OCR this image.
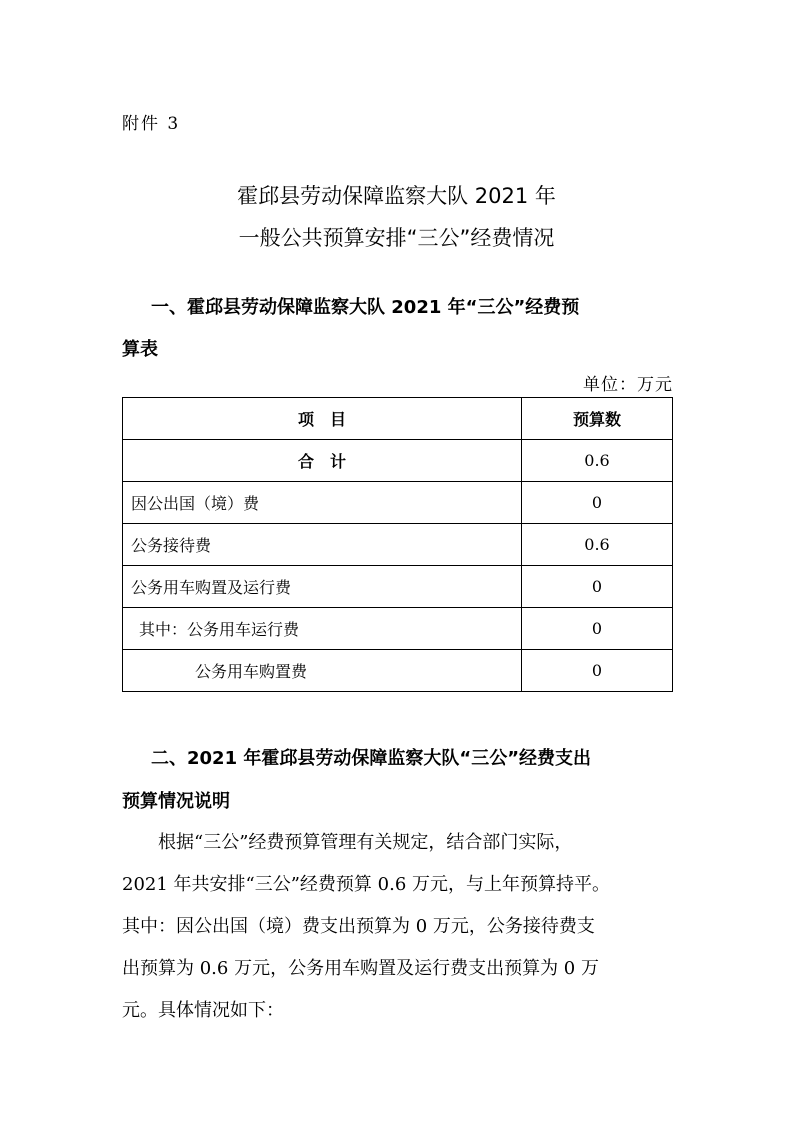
附件 3
霍邱县劳动保障监察大队 2021 年
一般公共预算安排“三公”经费情况
一、霍邱县劳动保障监察大队 2021 年“三公”经费预
算表
单位：万元
项　目	预算数
合　计	0.6
因公出国（境）费	0
公务接待费	0.6
公务用车购置及运行费	0
其中：公务用车运行费	0
公务用车购置费	0
二、2021 年霍邱县劳动保障监察大队“三公”经费支出
预算情况说明

　　根据“三公”经费预算管理有关规定，结合部门实际，

2021 年共安排“三公”经费预算 0.6 万元，与上年预算持平。

其中：因公出国（境）费支出预算为 0 万元，公务接待费支

出预算为 0.6 万元，公务用车购置及运行费支出预算为 0 万

元。具体情况如下：
